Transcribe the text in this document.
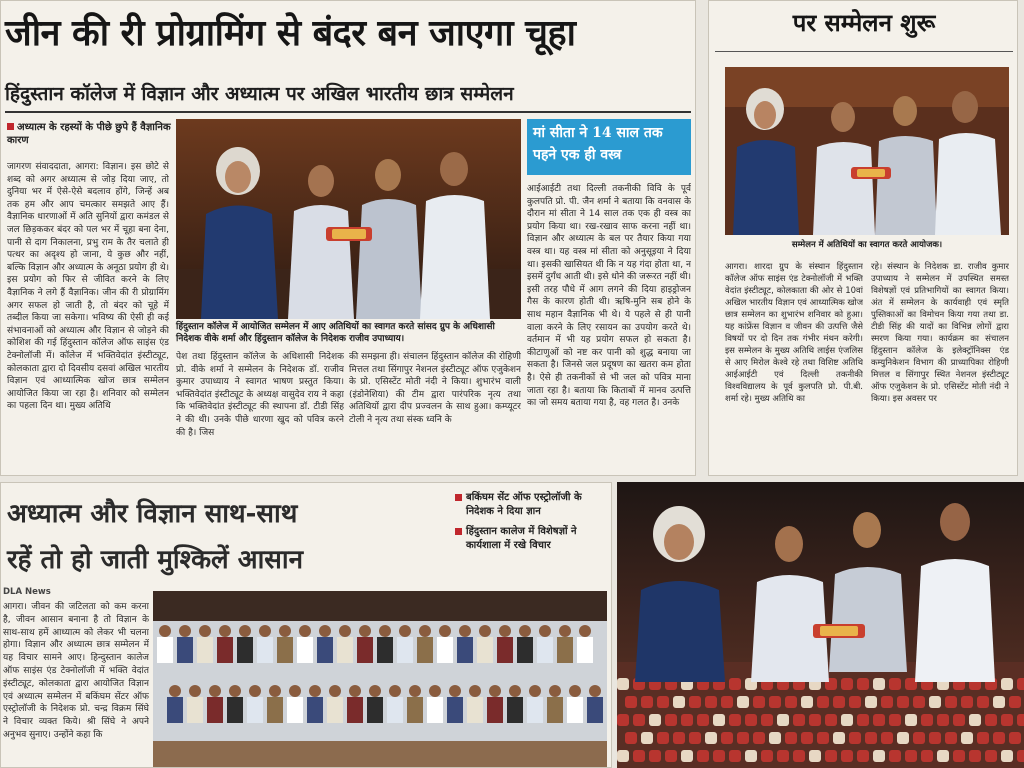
जीन की री प्रोग्रामिंग से बंदर बन जाएगा चूहा
हिंदुस्तान कॉलेज में विज्ञान और अध्यात्म पर अखिल भारतीय छात्र सम्मेलन
अध्यात्म के रहस्यों के पीछे छुपे हैं वैज्ञानिक कारण

जागरण संवाददाता, आगरा: विज्ञान। इस छोटे से शब्द को अगर अध्यात्म से जोड़ दिया जाए, तो दुनिया भर में ऐसे-ऐसे बदलाव होंगे, जिन्हें अब तक हम और आप चमत्कार समझते आए हैं। वैज्ञानिक धारणाओं में अति सुनियों द्वारा कमंडल से जल छिड़ककर बंदर को पल भर में चूहा बना देना, पानी से दाग निकालना, प्रभु राम के तैर चलाते ही पत्थर का अदृश्य हो जाना, ये कुछ और नहीं, बल्कि विज्ञान और अध्यात्म के अनूठा प्रयोग ही थे। इस प्रयोग को फिर से जीवित करने के लिए वैज्ञानिक ने लगे हैं वैज्ञानिक। जीन की री प्रोग्रामिंग अगर सफल हो जाती है, तो बंदर को चूहे में तब्दील किया जा सकेगा। भविष्य की ऐसी ही कई संभावनाओं को अध्यात्म और विज्ञान से जोड़ने की कोशिश की गई हिंदुस्तान कॉलेज ऑफ साइंस एंड टेक्नोलॉजी में। कॉलेज में भक्तिवेदांत इंस्टीट्यूट, कोलकाता द्वारा दो दिवसीय दसवां अखिल भारतीय विज्ञान एवं आध्यात्मिक खोज छात्र सम्मेलन आयोजित किया जा रहा है। शनिवार को सम्मेलन का पहला दिन था। मुख्य अतिथि

हिंदुस्तान कॉलेज में आयोजित सम्मेलन में आए अतिथियों का स्वागत करते सांसद ग्रुप के अधिशासी निदेशक वीके शर्मा और हिंदुस्तान कॉलेज के निदेशक राजीव उपाध्याय।

पेश तथा हिंदुस्तान कॉलेज के अधिशासी निदेशक प्रो. वीके शर्मा ने सम्मेलन के निदेशक डॉ. राजीव कुमार उपाध्याय ने स्वागत भाषण प्रस्तुत किया। भक्तिवेदांत इंस्टीट्यूट के अध्यक्ष वासुदेव राय ने कहा कि भक्तिवेदांत इंस्टीट्यूट की स्थापना डॉ. टीडी सिंह ने की थी। उनके पीछे धारणा खुद को पवित्र करने की है। जिस

की समझना ही। संचालन हिंदुस्तान कॉलेज की रोहिणी मित्तल तथा सिंगापुर नेशनल इंस्टीट्यूट ऑफ एजुकेशन के प्रो. एसिस्टेंट मोती नंदी ने किया। शुभारंभ वाली (इंडोनेशिया) की टीम द्वारा पारंपरिक नृत्य तथा अतिथियों द्वारा दीप प्रज्वलन के साथ हुआ। कम्प्यूटर टोली ने नृत्य तथा संस्क ध्वनि के

मां सीता ने 14 साल तक पहने एक ही वस्त्र

आईआईटी तथा दिल्ली तकनीकी विवि के पूर्व कुलपति प्रो. पी. जैन शर्मा ने बताया कि वनवास के दौरान मां सीता ने 14 साल तक एक ही वस्त्र का प्रयोग किया था। रख-रखाव साफ करना नहीं था। विज्ञान और अध्यात्म के बल पर तैयार किया गया वस्त्र था। यह वस्त्र मां सीता को अनुसूइया ने दिया था। इसकी खासियत थी कि न यह गंदा होता था, न इसमें दुर्गंध आती थी। इसे धोने की जरूरत नहीं थी। इसी तरह पौधे में आग लगने की दिया हाइड्रोजन गैस के कारण होती थी। ऋषि-मुनि सब होने के साथ महान वैज्ञानिक भी थे। ये पहले से ही पानी वाला करने के लिए रसायन का उपयोग करते थे। वर्तमान में भी यह प्रयोग सफल हो सकता है। कीटाणुओं को नष्ट कर पानी को शुद्ध बनाया जा सकता है। जिनसे जल प्रदूषण का खतरा कम होता है। ऐसे ही तकनीकों से भी जल को पवित्र माना जाता रहा है। बताया कि किताबों में मानव उत्पत्ति का जो समय बताया गया है, वह गलत है। उनके

पर सम्मेलन शुरू

सम्मेलन में अतिथियों का स्वागत करते आयोजक।

आगरा। शारदा ग्रुप के संस्थान हिंदुस्तान कॉलेज ऑफ साइंस एंड टेक्नोलॉजी में भक्ति वेदांत इंस्टीट्यूट, कोलकाता की ओर से 10वां अखिल भारतीय विज्ञान एवं आध्यात्मिक खोज छात्र सम्मेलन का शुभारंभ शनिवार को हुआ। यह कांफ्रेंस विज्ञान व जीवन की उत्पत्ति जैसे विषयों पर दो दिन तक गंभीर मंथन करेगी। इस सम्मेलन के मुख्य अतिथि लाईस एंजलिस से आए मिरोल केश्वे रहे तथा विशिष्ट अतिथि आईआईटी एवं दिल्ली तकनीकी विश्वविद्यालय के पूर्व कुलपति प्रो. पी.बी. शर्मा रहे। मुख्य अतिथि का

रहे। संस्थान के निदेशक डा. राजीव कुमार उपाध्याय ने सम्मेलन में उपस्थित समस्त विशेषज्ञों एवं प्रतिभागियों का स्वागत किया। अंत में सम्मेलन के कार्यवाही एवं स्मृति पुस्तिकाओं का विमोचन किया गया तथा डा. टीडी सिंह की यादों का विभिन्न लोगों द्वारा स्मरण किया गया। कार्यक्रम का संचालन हिंदुस्तान कॉलेज के इलेक्ट्रॉनिक्स एंड कम्युनिकेशन विभाग की प्राध्यापिका रोहिणी मित्तल व सिंगापुर स्थित नेशनल इंस्टीट्यूट ऑफ एजुकेशन के प्रो. एसिस्टेंट मोती नंदी ने किया। इस अवसर पर

अध्यात्म और विज्ञान साथ-साथ
रहें तो हो जाती मुश्किलें आसान
बकिंघम सेंट ऑफ एस्ट्रोलॉजी के निदेशक ने दिया ज्ञान
हिंदुस्तान कालेज में विशेषज्ञों ने कार्यशाला में रखे विचार
DLA News

आगरा। जीवन की जटिलता को कम करना है, जीवन आसान बनाना है तो विज्ञान के साथ-साथ हमें आध्यात्म को लेकर भी चलना होगा। विज्ञान और अध्यात्म छात्र सम्मेलन में यह विचार सामने आए। हिन्दुस्तान कालेज ऑफ साइंस एंड टेक्नोलॉजी में भक्ति वेदांत इंस्टीट्यूट, कोलकाता द्वारा आयोजित विज्ञान एवं अध्यात्म सम्मेलन में बकिंघम सेंटर ऑफ एस्ट्रोलॉजी के निदेशक प्रो. चन्द्र विक्रम सिंघे ने विचार व्यक्त किये। श्री सिंघे ने अपने अनुभव सुनाए। उन्होंने कहा कि
